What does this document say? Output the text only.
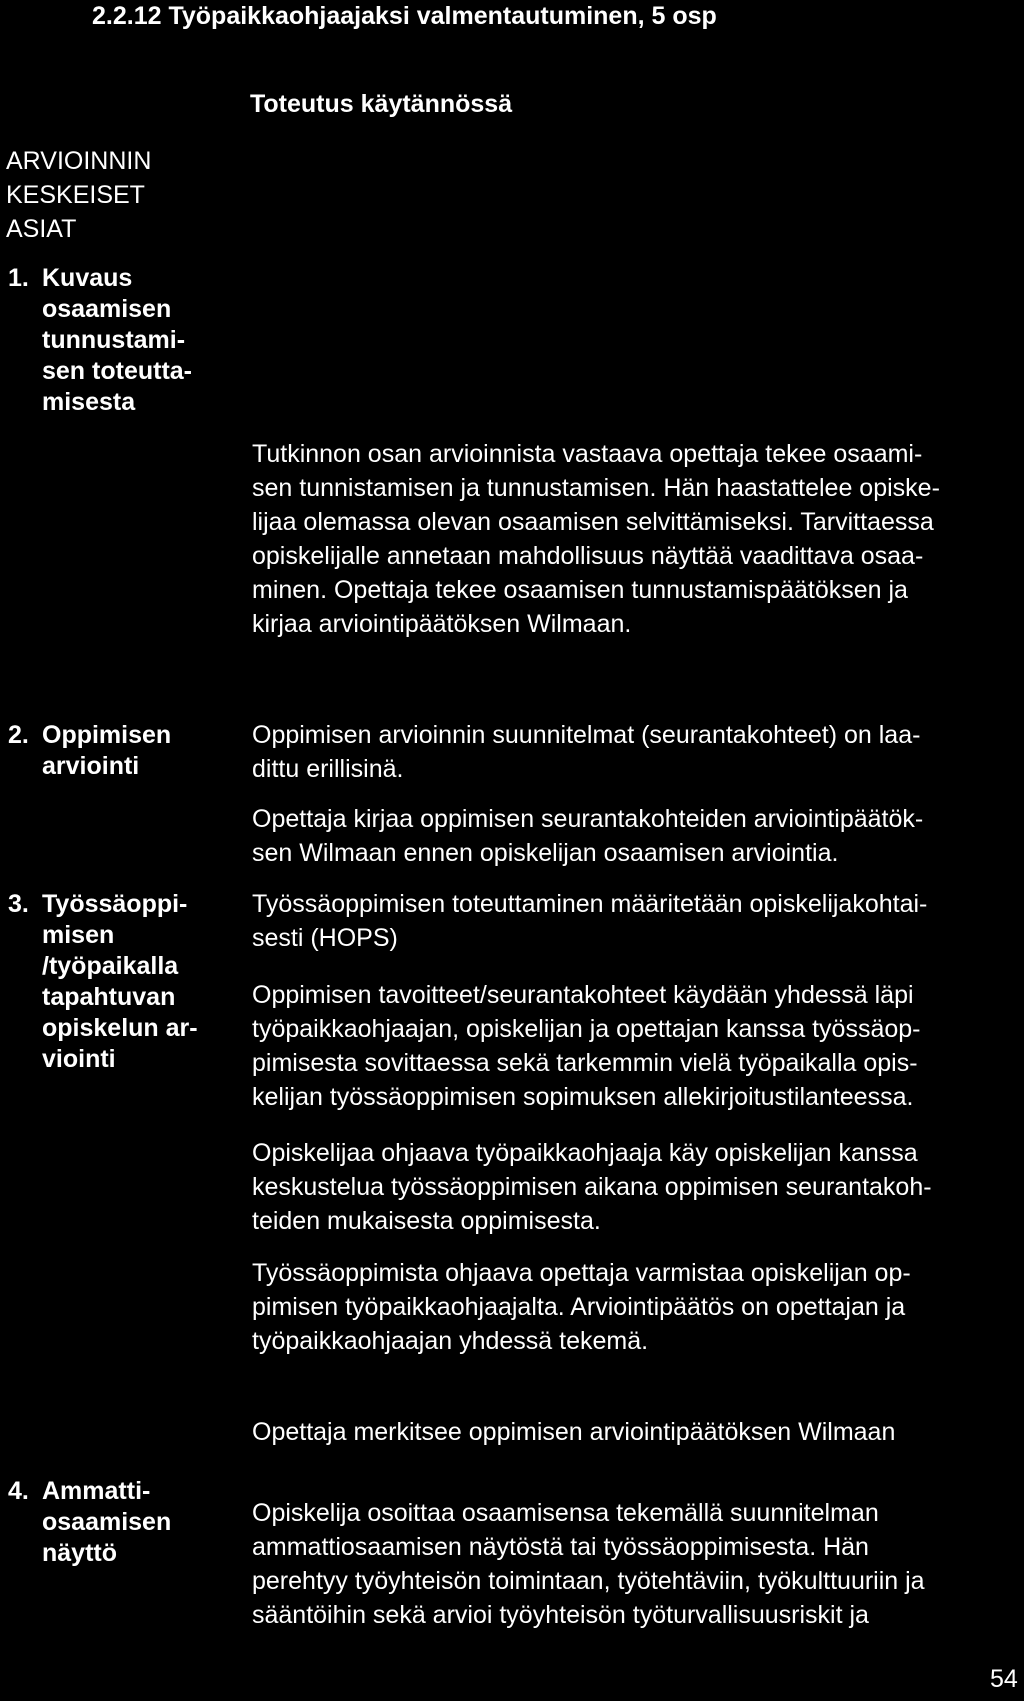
2.2.12 Työpaikkaohjaajaksi valmentautuminen, 5 osp
Toteutus käytännössä
ARVIOINNIN
KESKEISET
ASIAT
1. Kuvaus
osaamisen
tunnustami-
sen toteutta-
misesta
Tutkinnon osan arvioinnista vastaava opettaja tekee osaami-
sen tunnistamisen ja tunnustamisen. Hän haastattelee opiske-
lijaa olemassa olevan osaamisen selvittämiseksi. Tarvittaessa
opiskelijalle annetaan mahdollisuus näyttää vaadittava osaa-
minen. Opettaja tekee osaamisen tunnustamispäätöksen ja
kirjaa arviointipäätöksen Wilmaan.
2. Oppimisen
arviointi
Oppimisen arvioinnin suunnitelmat (seurantakohteet) on laa-
dittu erillisinä.
Opettaja kirjaa oppimisen seurantakohteiden arviointipäätök-
sen Wilmaan ennen opiskelijan osaamisen arviointia.
3. Työssäoppi-
misen
/työpaikalla
tapahtuvan
opiskelun ar-
viointi
Työssäoppimisen toteuttaminen määritetään opiskelijakohtai-
sesti (HOPS)
Oppimisen tavoitteet/seurantakohteet käydään yhdessä läpi
työpaikkaohjaajan, opiskelijan ja opettajan kanssa työssäop-
pimisesta sovittaessa sekä tarkemmin vielä työpaikalla opis-
kelijan työssäoppimisen sopimuksen allekirjoitustilanteessa.
Opiskelijaa ohjaava työpaikkaohjaaja käy opiskelijan kanssa
keskustelua työssäoppimisen aikana oppimisen seurantakoh-
teiden mukaisesta oppimisesta.
Työssäoppimista ohjaava opettaja varmistaa opiskelijan op-
pimisen työpaikkaohjaajalta. Arviointipäätös on opettajan ja
työpaikkaohjaajan yhdessä tekemä.
Opettaja merkitsee oppimisen arviointipäätöksen Wilmaan
4. Ammatti-
osaamisen
näyttö
Opiskelija osoittaa osaamisensa tekemällä suunnitelman
ammattiosaamisen näytöstä tai työssäoppimisesta. Hän
perehtyy työyhteisön toimintaan, työtehtäviin, työkulttuuriin ja
sääntöihin sekä arvioi työyhteisön työturvallisuusriskit ja
54
